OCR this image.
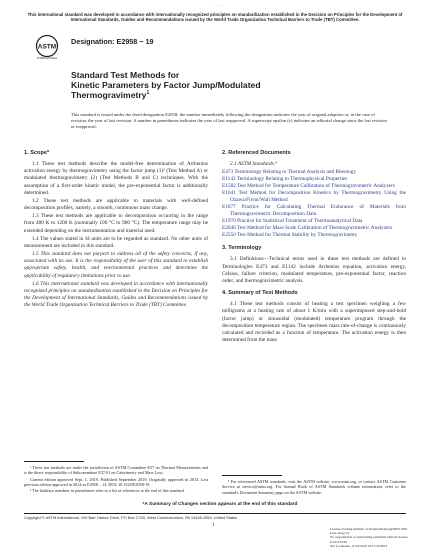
··· ···
This international standard was developed in accordance with internationally recognized principles on standardization established in the Decision on Principles for the Development of International Standards, Guides and Recommendations issued by the World Trade Organization Technical Barriers to Trade (TBT) Committee.
ASTM
INTERNATIONAL
Designation: E2958 − 19
Standard Test Methods for
Kinetic Parameters by Factor Jump/Modulated
Thermogravimetry$^1$
This standard is issued under the fixed designation E2958; the number immediately following the designation indicates the year of original adoption or, in the case of revision, the year of last revision. A number in parentheses indicates the year of last reapproval. A superscript epsilon (ε) indicates an editorial change since the last revision or reapproval.
1. Scope*

1.1 These test methods describe the model-free determination of Arrhenius activation energy by thermogravimetry using the factor jump (1)² (Test Method A) or modulated thermogravimetry (2) (Test Methods B and C) techniques. With the assumption of a first-order kinetic model, the pre-exponential factor is additionally determined.

1.2 These test methods are applicable to materials with well-defined decomposition profiles, namely, a smooth, continuous mass change.

1.3 These test methods are applicable to decomposition occurring in the range from 400 K to 1200 K (nominally 100 °C to 900 °C). The temperature range may be extended depending on the instrumentation and material used.

1.4 The values stated in SI units are to be regarded as standard. No other units of measurement are included in this standard.

1.5 This standard does not purport to address all of the safety concerns, if any, associated with its use. It is the responsibility of the user of this standard to establish appropriate safety, health, and environmental practices and determine the applicability of regulatory limitations prior to use.

1.6 This international standard was developed in accordance with internationally recognized principles on standardization established in the Decision on Principles for the Development of International Standards, Guides and Recommendations issued by the World Trade Organization Technical Barriers to Trade (TBT) Committee.

¹ These test methods are under the jurisdiction of ASTM Committee E37 on Thermal Measurements and is the direct responsibility of Subcommittee E37.01 on Calorimetry and Mass Loss.
Current edition approved Sept. 1, 2019. Published September 2019. Originally approved in 2014. Last previous edition approved in 2014 as E2958 – 14. DOI: 10.1520/E2958-19.
² The boldface numbers in parentheses refer to a list of references at the end of this standard.
2. Referenced Documents

2.1 ASTM Standards:³

E473 Terminology Relating to Thermal Analysis and Rheology
E1142 Terminology Relating to Thermophysical Properties
E1582 Test Method for Temperature Calibration of Thermogravimetric Analyzers
E1641 Test Method for Decomposition Kinetics by Thermogravimetry Using the Ozawa/Flynn/Wall Method
E1877 Practice for Calculating Thermal Endurance of Materials from Thermogravimetric Decomposition Data
E1970 Practice for Statistical Treatment of Thermoanalytical Data
E2040 Test Method for Mass Scale Calibration of Thermogravimetric Analyzers
E2550 Test Method for Thermal Stability by Thermogravimetry
3. Terminology

3.1 Definitions—Technical terms used in these test methods are defined in Terminologies E473 and E1142 include Arrhenius equation, activation energy, Celsius, failure criterion, modulated temperature, pre-exponential factor, reaction order, and thermogravimetric analysis.

4. Summary of Test Methods

4.1 These test methods consist of heating a test specimen weighing a few milligrams at a heating rate of about 1 K/min with a superimposed step-and-hold (factor jump) or sinusoidal (modulated) temperature program through the decomposition temperature region. The specimen mass rate-of-change is continuously calculated and recorded as a function of temperature. The activation energy is then determined from the mass

³ For referenced ASTM standards, visit the ASTM website, www.astm.org, or contact ASTM Customer Service at service@astm.org. For Annual Book of ASTM Standards volume information, refer to the standard's Document Summary page on the ASTM website.
*A Summary of Changes section appears at the end of this standard
Copyright © ASTM International, 100 Barr Harbor Drive, PO Box C700, West Conshohocken, PA 19428-2959. United States
1
License-Trading institute of Standardization@D9517681 User-sangi, by
No reproduction or networking permitted without license from ASTM
Not for Resale, 11/24/2019 19:11:45 MST
